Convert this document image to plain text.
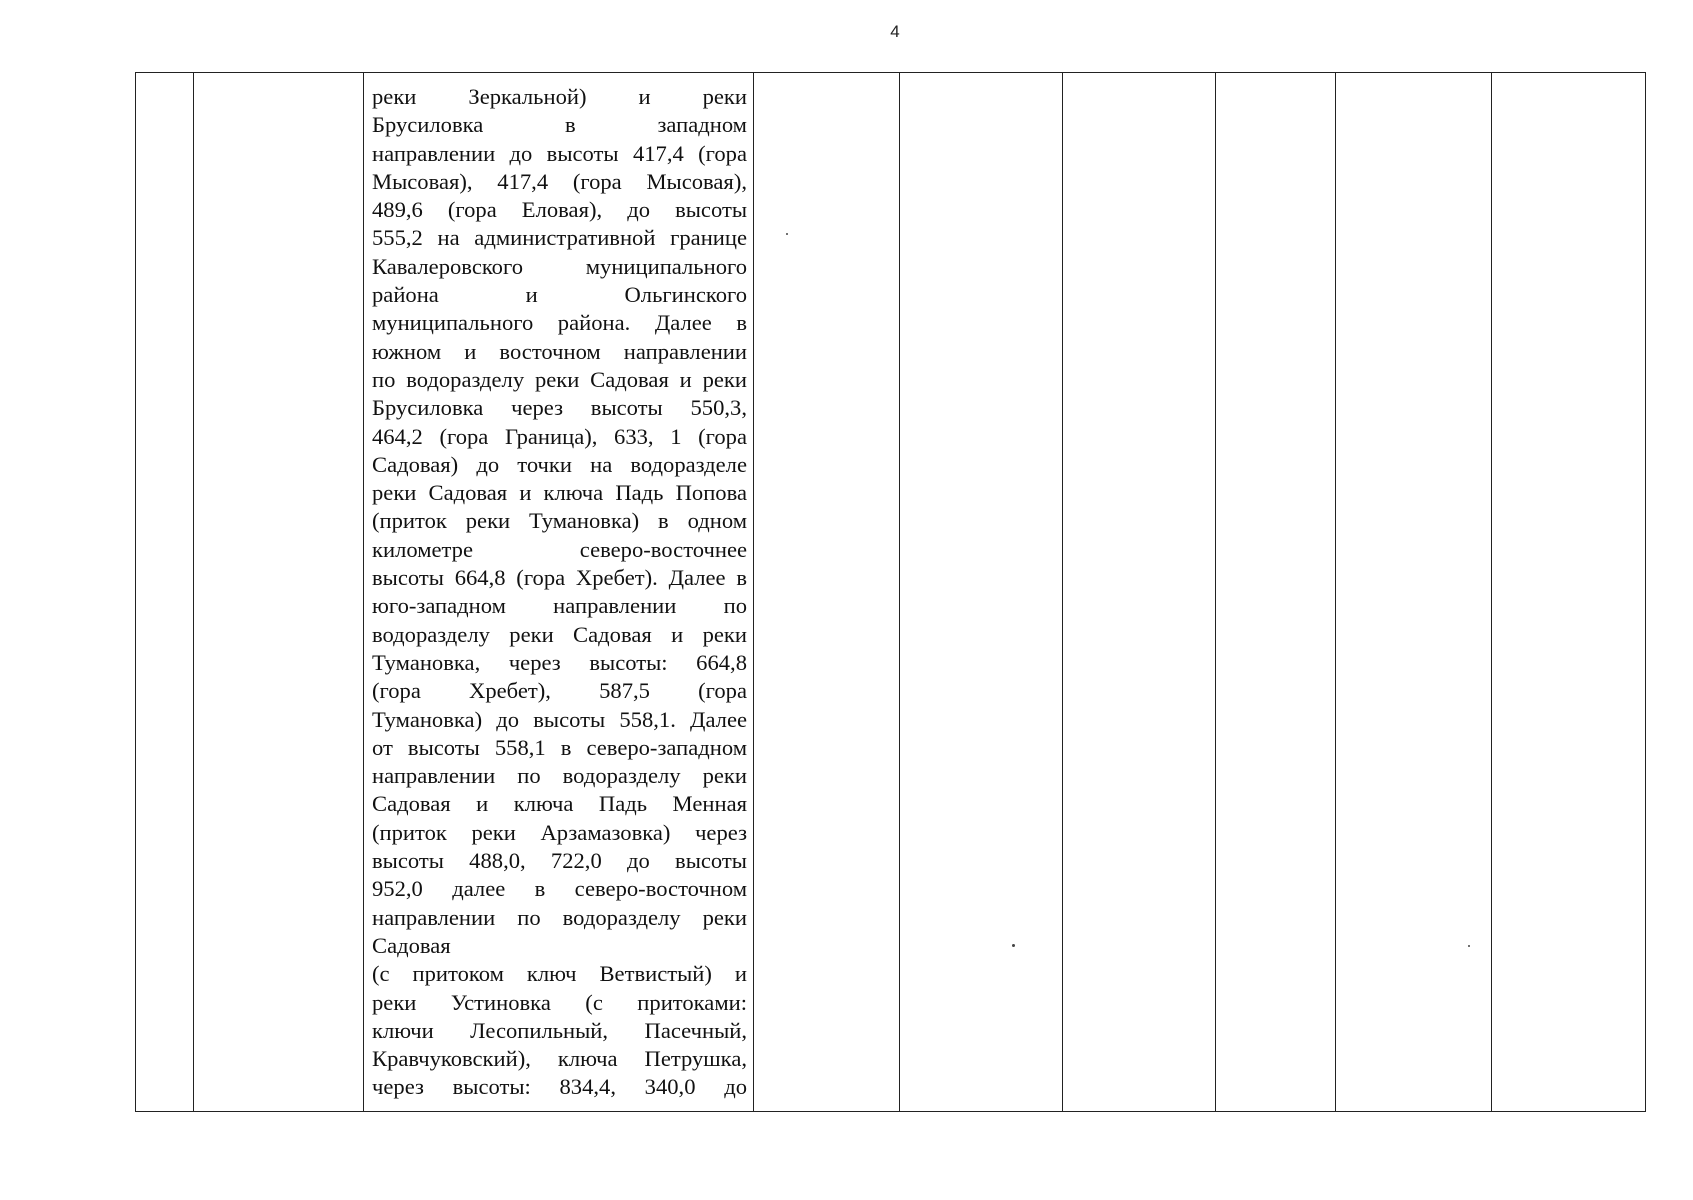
4

реки Зеркальной) и реки
Брусиловка в западном
направлении до высоты 417,4 (гора
Мысовая), 417,4 (гора Мысовая),
489,6 (гора Еловая), до высоты
555,2 на административной границе
Кавалеровского муниципального
района и Ольгинского
муниципального района. Далее в
южном и восточном направлении
по водоразделу реки Садовая и реки
Брусиловка через высоты 550,3,
464,2 (гора Граница), 633, 1 (гора
Садовая) до точки на водоразделе
реки Садовая и ключа Падь Попова
(приток реки Тумановка) в одном
километре северо-восточнее
высоты 664,8 (гора Хребет). Далее в
юго-западном направлении по
водоразделу реки Садовая и реки
Тумановка, через высоты: 664,8
(гора Хребет), 587,5 (гора
Тумановка) до высоты 558,1. Далее
от высоты 558,1 в северо-западном
направлении по водоразделу реки
Садовая и ключа Падь Менная
(приток реки Арзамазовка) через
высоты 488,0, 722,0 до высоты
952,0 далее в северо-восточном
направлении по водоразделу реки
Садовая
(с притоком ключ Ветвистый) и
реки Устиновка (с притоками:
ключи Лесопильный, Пасечный,
Кравчуковский), ключа Петрушка,
через высоты: 834,4, 340,0 до
